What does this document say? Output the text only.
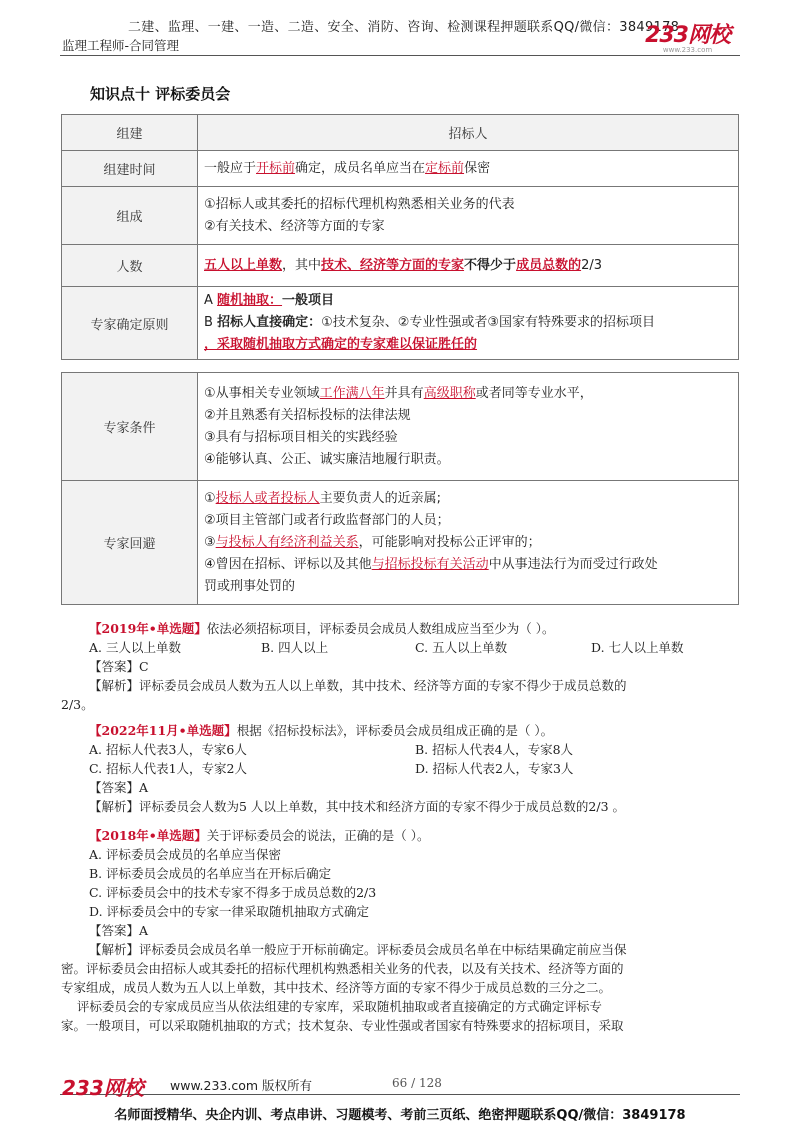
二建、监理、一建、一造、二造、安全、消防、咨询、检测课程押题联系QQ/微信：3849178
监理工程师-合同管理	233网校
www.233.com
知识点十 评标委员会
组建	招标人
组建时间	一般应于开标前确定，成员名单应当在定标前保密
组成	①招标人或其委托的招标代理机构熟悉相关业务的代表
②有关技术、经济等方面的专家

人数	五人以上单数，其中技术、经济等方面的专家不得少于成员总数的2/3
专家确定原则	A 随机抽取：一般项目
B 招标人直接确定：①技术复杂、②专业性强或者③国家有特殊要求的招标项目
，采取随机抽取方式确定的专家难以保证胜任的
专家条件	①从事相关专业领域工作满八年并具有高级职称或者同等专业水平，
②并且熟悉有关招标投标的法律法规
③具有与招标项目相关的实践经验
④能够认真、公正、诚实廉洁地履行职责。

专家回避	①投标人或者投标人主要负责人的近亲属;
②项目主管部门或者行政监督部门的人员；
③与投标人有经济利益关系，可能影响对投标公正评审的；
④曾因在招标、评标以及其他与招标投标有关活动中从事违法行为而受过行政处
罚或刑事处罚的
【2019年•单选题】依法必须招标项目，评标委员会成员人数组成应当至少为（ ）。
A. 三人以上单数	B. 四人以上	C. 五人以上单数	D. 七人以上单数
【答案】C
【解析】评标委员会成员人数为五人以上单数，其中技术、经济等方面的专家不得少于成员总数的
2/3。
【2022年11月•单选题】根据《招标投标法》，评标委员会成员组成正确的是（ ）。
A. 招标人代表3人，专家6人	B. 招标人代表4人，专家8人
C. 招标人代表1人，专家2人	D. 招标人代表2人，专家3人
【答案】A
【解析】评标委员会人数为5 人以上单数，其中技术和经济方面的专家不得少于成员总数的2/3 。
【2018年•单选题】关于评标委员会的说法，正确的是（ ）。
A. 评标委员会成员的名单应当保密
B. 评标委员会成员的名单应当在开标后确定
C. 评标委员会中的技术专家不得多于成员总数的2/3
D. 评标委员会中的专家一律采取随机抽取方式确定
【答案】A
【解析】评标委员会成员名单一般应于开标前确定。评标委员会成员名单在中标结果确定前应当保
密。评标委员会由招标人或其委托的招标代理机构熟悉相关业务的代表，以及有关技术、经济等方面的
专家组成，成员人数为五人以上单数，其中技术、经济等方面的专家不得少于成员总数的三分之二。
评标委员会的专家成员应当从依法组建的专家库，采取随机抽取或者直接确定的方式确定评标专
家。一般项目，可以采取随机抽取的方式；技术复杂、专业性强或者国家有特殊要求的招标项目，采取
233网校 www.233.com 版权所有	66 / 128
名师面授精华、央企内训、考点串讲、习题模考、考前三页纸、绝密押题联系QQ/微信：3849178
